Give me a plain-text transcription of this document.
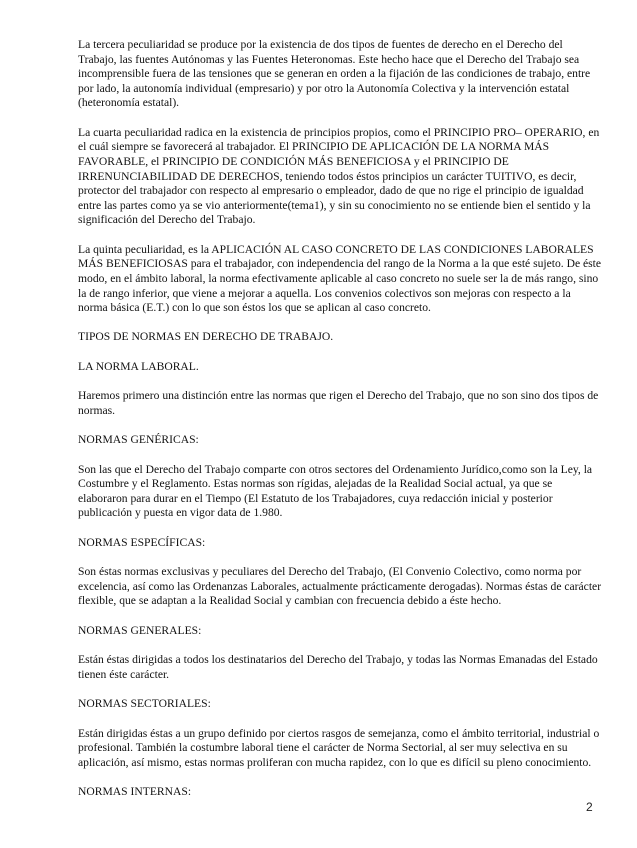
La tercera peculiaridad se produce por la existencia de dos tipos de fuentes de derecho en el Derecho del Trabajo, las fuentes Autónomas y las Fuentes Heteronomas. Este hecho hace que el Derecho del Trabajo sea incomprensible fuera de las tensiones que se generan en orden a la fijación de las condiciones de trabajo, entre por lado, la autonomía individual (empresario) y por otro la Autonomía Colectiva y la intervención estatal (heteronomía estatal).

La cuarta peculiaridad radica en la existencia de principios propios, como el PRINCIPIO PRO– OPERARIO, en el cuál siempre se favorecerá al trabajador. El PRINCIPIO DE APLICACIÓN DE LA NORMA MÁS FAVORABLE, el PRINCIPIO DE CONDICIÓN MÁS BENEFICIOSA y el PRINCIPIO DE IRRENUNCIABILIDAD DE DERECHOS, teniendo todos éstos principios un carácter TUITIVO, es decir, protector del trabajador con respecto al empresario o empleador, dado de que no rige el principio de igualdad entre las partes como ya se vio anteriormente(tema1), y sin su conocimiento no se entiende bien el sentido y la significación del Derecho del Trabajo.

La quinta peculiaridad, es la APLICACIÓN AL CASO CONCRETO DE LAS CONDICIONES LABORALES MÁS BENEFICIOSAS para el trabajador, con independencia del rango de la Norma a la que esté sujeto. De éste modo, en el ámbito laboral, la norma efectivamente aplicable al caso concreto no suele ser la de más rango, sino la de rango inferior, que viene a mejorar a aquella. Los convenios colectivos son mejoras con respecto a la norma básica (E.T.) con lo que son éstos los que se aplican al caso concreto.

TIPOS DE NORMAS EN DERECHO DE TRABAJO.

LA NORMA LABORAL.

Haremos primero una distinción entre las normas que rigen el Derecho del Trabajo, que no son sino dos tipos de normas.

NORMAS GENÉRICAS:

Son las que el Derecho del Trabajo comparte con otros sectores del Ordenamiento Jurídico,como son la Ley, la Costumbre y el Reglamento. Estas normas son rígidas, alejadas de la Realidad Social actual, ya que se elaboraron para durar en el Tiempo (El Estatuto de los Trabajadores, cuya redacción inicial y posterior publicación y puesta en vigor data de 1.980.

NORMAS ESPECÍFICAS:

Son éstas normas exclusivas y peculiares del Derecho del Trabajo, (El Convenio Colectivo, como norma por excelencia, así como las Ordenanzas Laborales, actualmente prácticamente derogadas). Normas éstas de carácter flexible, que se adaptan a la Realidad Social y cambian con frecuencia debido a éste hecho.

NORMAS GENERALES:

Están éstas dirigidas a todos los destinatarios del Derecho del Trabajo, y todas las Normas Emanadas del Estado tienen éste carácter.

NORMAS SECTORIALES:

Están dirigidas éstas a un grupo definido por ciertos rasgos de semejanza, como el ámbito territorial, industrial o profesional. También la costumbre laboral tiene el carácter de Norma Sectorial, al ser muy selectiva en su aplicación, así mismo, estas normas proliferan con mucha rapidez, con lo que es difícil su pleno conocimiento.

NORMAS INTERNAS:

2
